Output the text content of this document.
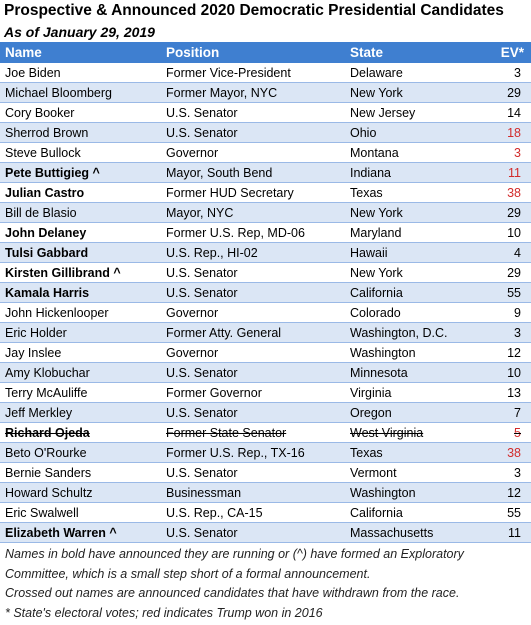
Prospective & Announced 2020 Democratic Presidential Candidates
As of January 29, 2019
Name	Position	State	EV*
Joe Biden	Former Vice-President	Delaware	3
Michael Bloomberg	Former Mayor, NYC	New York	29
Cory Booker	U.S. Senator	New Jersey	14
Sherrod Brown	U.S. Senator	Ohio	18
Steve Bullock	Governor	Montana	3
Pete Buttigieg ^	Mayor, South Bend	Indiana	11
Julian Castro	Former HUD Secretary	Texas	38
Bill de Blasio	Mayor, NYC	New York	29
John Delaney	Former U.S. Rep, MD-06	Maryland	10
Tulsi Gabbard	U.S. Rep., HI-02	Hawaii	4
Kirsten Gillibrand ^	U.S. Senator	New York	29
Kamala Harris	U.S. Senator	California	55
John Hickenlooper	Governor	Colorado	9
Eric Holder	Former Atty. General	Washington, D.C.	3
Jay Inslee	Governor	Washington	12
Amy Klobuchar	U.S. Senator	Minnesota	10
Terry McAuliffe	Former Governor	Virginia	13
Jeff Merkley	U.S. Senator	Oregon	7
Richard Ojeda	Former State Senator	West Virginia	5
Beto O'Rourke	Former U.S. Rep., TX-16	Texas	38
Bernie Sanders	U.S. Senator	Vermont	3
Howard Schultz	Businessman	Washington	12
Eric Swalwell	U.S. Rep., CA-15	California	55
Elizabeth Warren ^	U.S. Senator	Massachusetts	11
Names in bold have announced they are running or (^) have formed an Exploratory
Committee, which is a small step short of a formal announcement.
Crossed out names are announced candidates that have withdrawn from the race.
* State's electoral votes; red indicates Trump won in 2016
